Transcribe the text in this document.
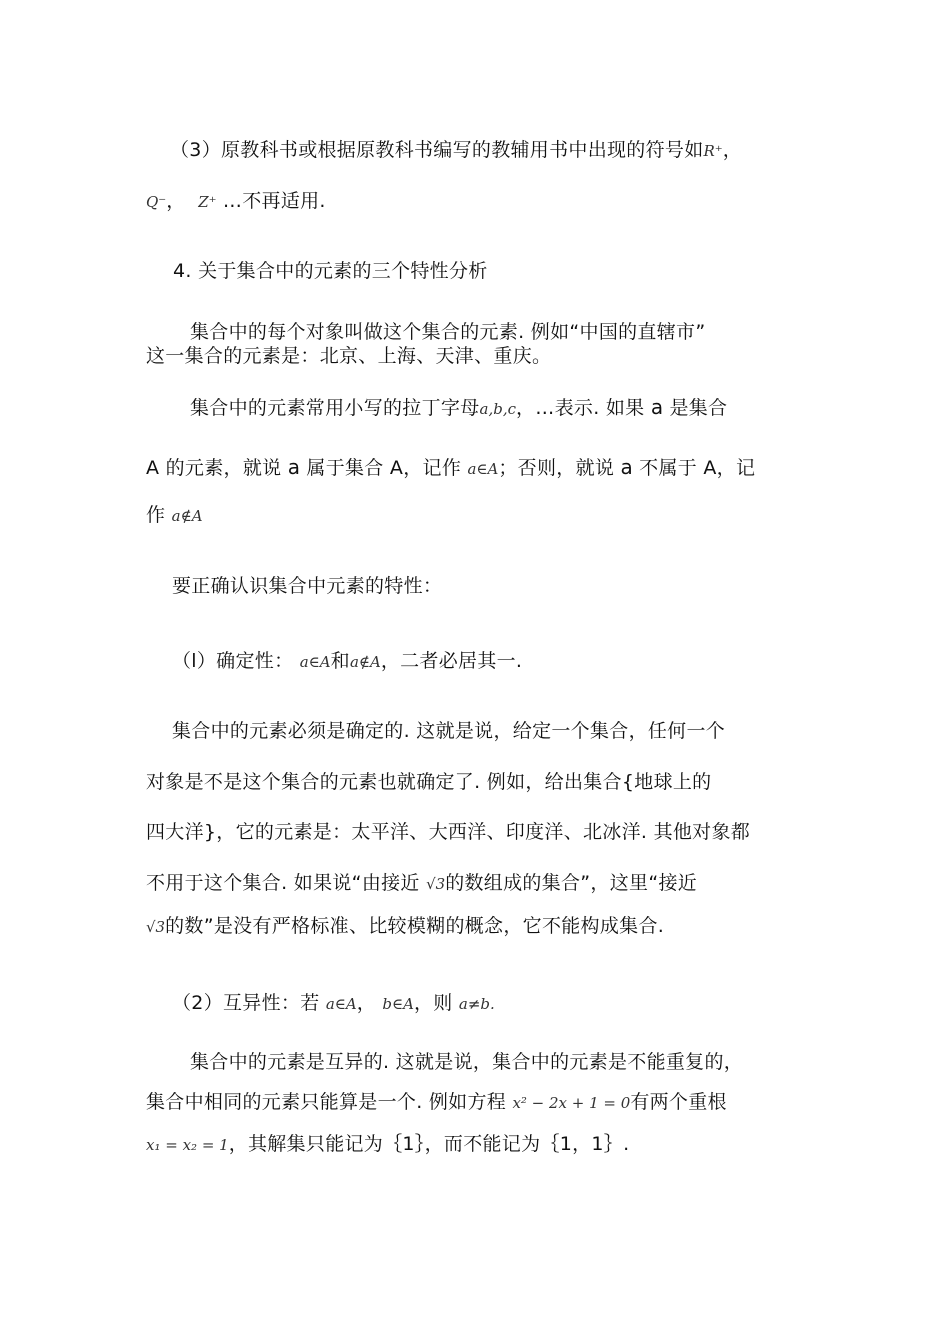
（3）原教科书或根据原教科书编写的教辅用书中出现的符号如R⁺，
Q⁻， Z⁺ …不再适用.
4. 关于集合中的元素的三个特性分析
集合中的每个对象叫做这个集合的元素. 例如“中国的直辖市”
这一集合的元素是：北京、上海、天津、重庆。
集合中的元素常用小写的拉丁字母a,b,c，…表示. 如果 a 是集合
A 的元素，就说 a 属于集合 A，记作 a∈A；否则，就说 a 不属于 A，记
作 a∉A
要正确认识集合中元素的特性：
（l）确定性： a∈A和a∉A，二者必居其一.
集合中的元素必须是确定的. 这就是说，给定一个集合，任何一个
对象是不是这个集合的元素也就确定了. 例如，给出集合{地球上的
四大洋}，它的元素是：太平洋、大西洋、印度洋、北冰洋. 其他对象都
不用于这个集合. 如果说“由接近 √3的数组成的集合”，这里“接近
√3的数”是没有严格标准、比较模糊的概念，它不能构成集合.
（2）互异性：若 a∈A， b∈A，则 a≠b.
集合中的元素是互异的. 这就是说，集合中的元素是不能重复的，
集合中相同的元素只能算是一个. 例如方程 x² − 2x + 1 = 0有两个重根
x₁ = x₂ = 1，其解集只能记为｛1｝，而不能记为｛1，1｝.
